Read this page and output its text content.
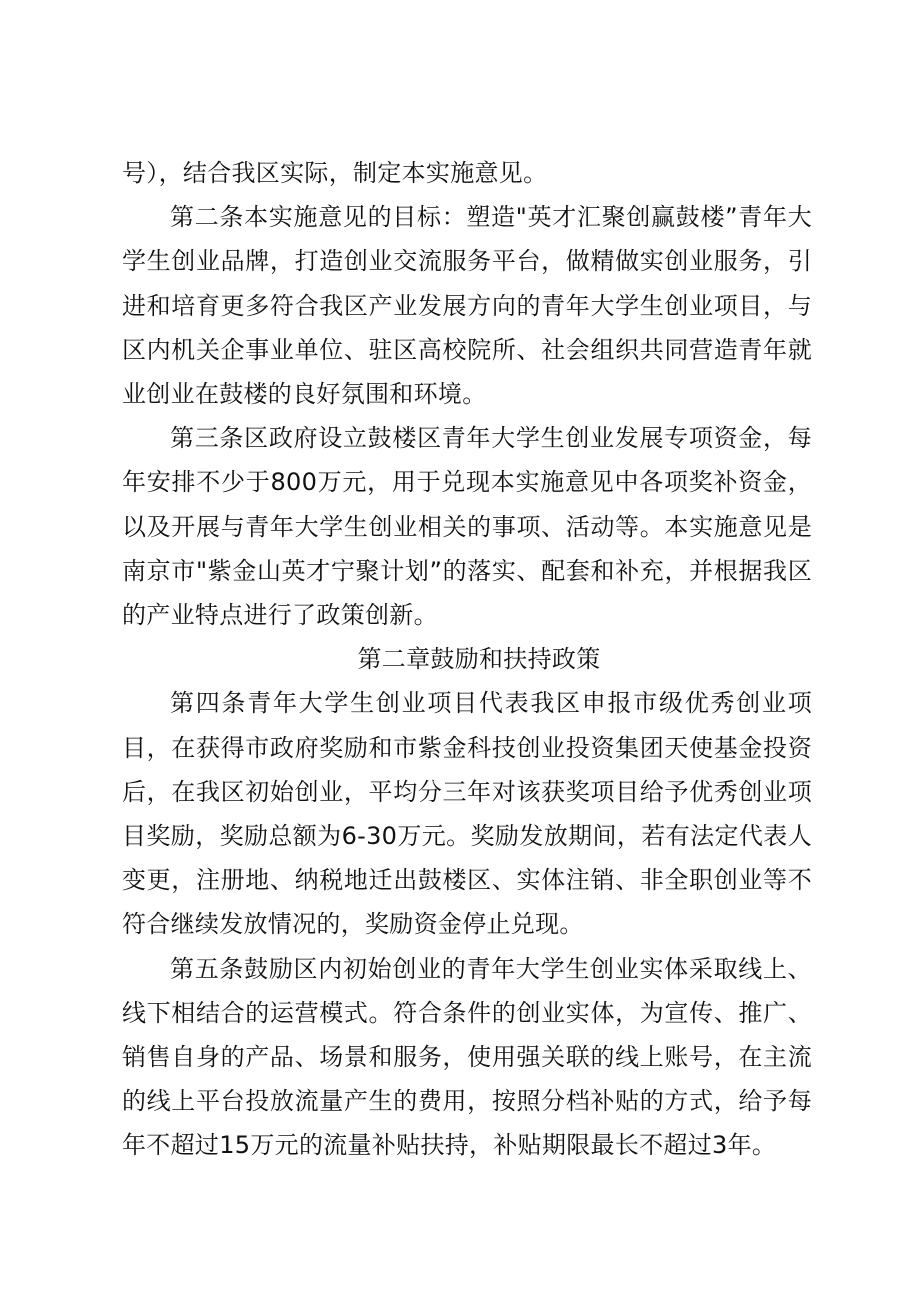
号），结合我区实际，制定本实施意见。

第二条本实施意见的目标：塑造"英才汇聚创赢鼓楼”青年大学生创业品牌，打造创业交流服务平台，做精做实创业服务，引进和培育更多符合我区产业发展方向的青年大学生创业项目，与区内机关企事业单位、驻区高校院所、社会组织共同营造青年就业创业在鼓楼的良好氛围和环境。

第三条区政府设立鼓楼区青年大学生创业发展专项资金，每年安排不少于800万元，用于兑现本实施意见中各项奖补资金，以及开展与青年大学生创业相关的事项、活动等。本实施意见是南京市"紫金山英才宁聚计划”的落实、配套和补充，并根据我区的产业特点进行了政策创新。

第二章鼓励和扶持政策

第四条青年大学生创业项目代表我区申报市级优秀创业项目，在获得市政府奖励和市紫金科技创业投资集团天使基金投资后，在我区初始创业，平均分三年对该获奖项目给予优秀创业项目奖励，奖励总额为6-30万元。奖励发放期间，若有法定代表人变更，注册地、纳税地迁出鼓楼区、实体注销、非全职创业等不符合继续发放情况的，奖励资金停止兑现。

第五条鼓励区内初始创业的青年大学生创业实体采取线上、线下相结合的运营模式。符合条件的创业实体，为宣传、推广、销售自身的产品、场景和服务，使用强关联的线上账号，在主流的线上平台投放流量产生的费用，按照分档补贴的方式，给予每年不超过15万元的流量补贴扶持，补贴期限最长不超过3年。
